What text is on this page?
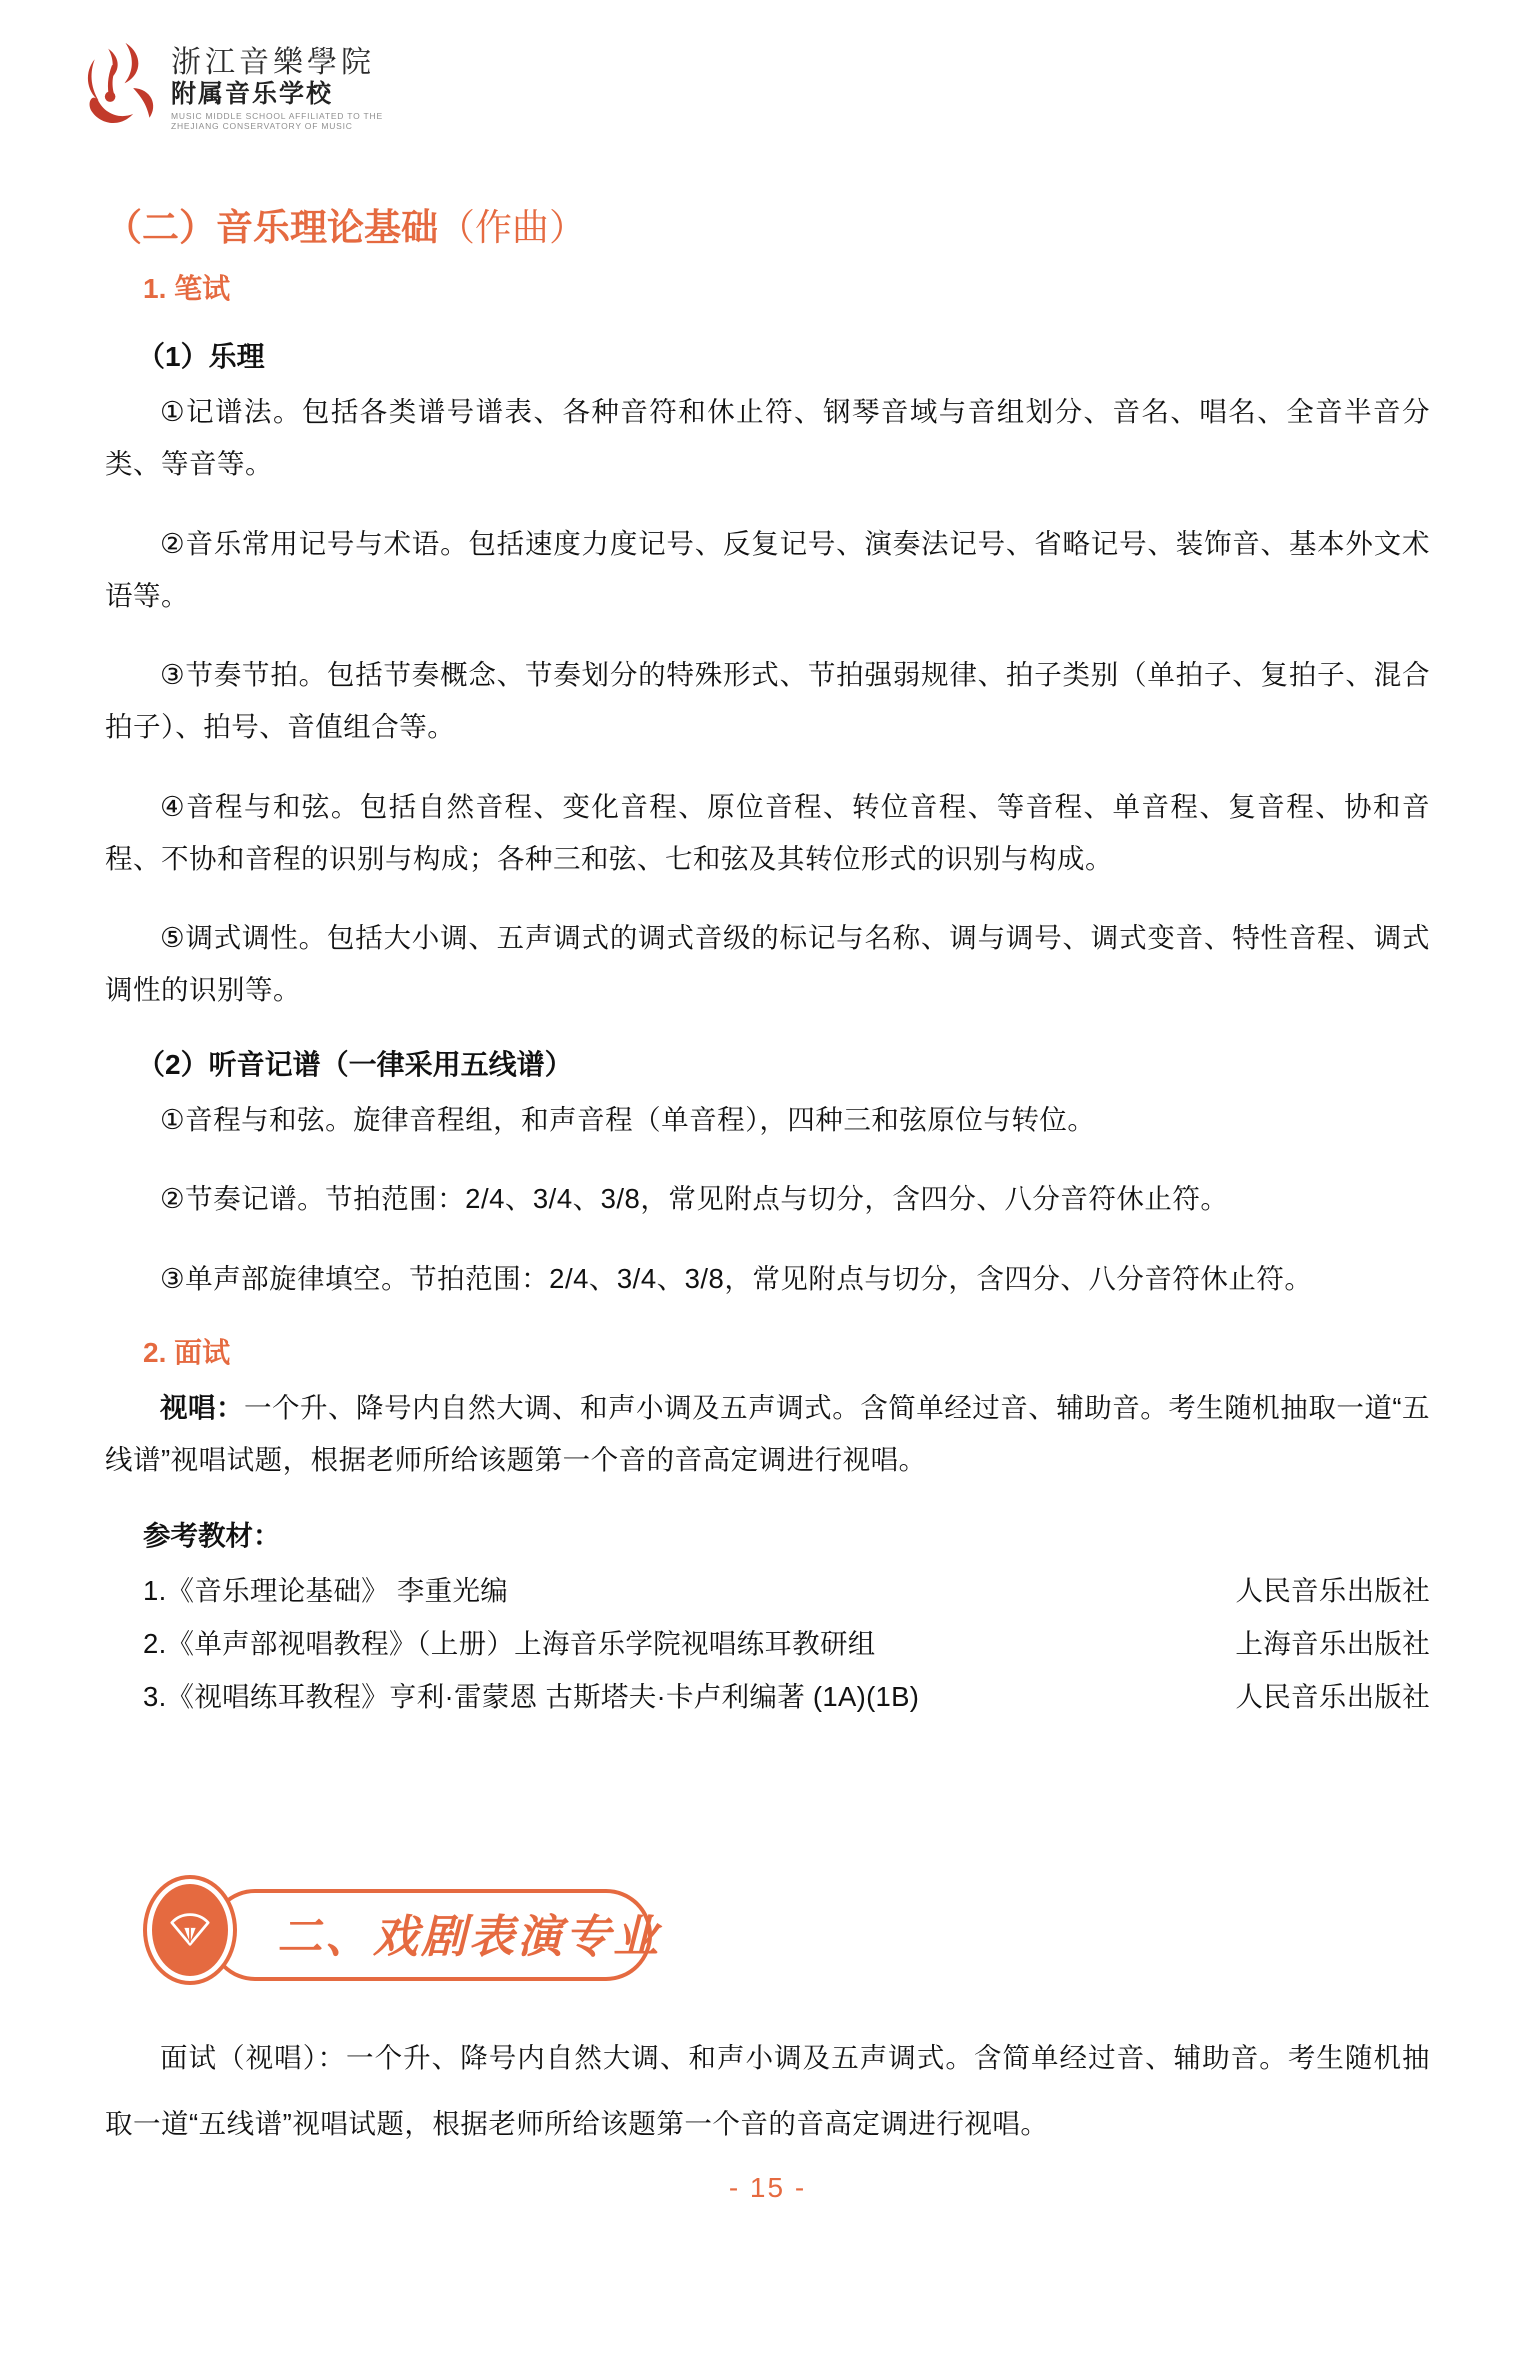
浙江音樂學院
附属音乐学校
MUSIC MIDDLE SCHOOL AFFILIATED TO THE
ZHEJIANG CONSERVATORY OF MUSIC
（二）音乐理论基础（作曲）
1. 笔试
（1）乐理

①记谱法。包括各类谱号谱表、各种音符和休止符、钢琴音域与音组划分、音名、唱名、全音半音分类、等音等。

②音乐常用记号与术语。包括速度力度记号、反复记号、演奏法记号、省略记号、装饰音、基本外文术语等。

③节奏节拍。包括节奏概念、节奏划分的特殊形式、节拍强弱规律、拍子类别（单拍子、复拍子、混合拍子）、拍号、音值组合等。

④音程与和弦。包括自然音程、变化音程、原位音程、转位音程、等音程、单音程、复音程、协和音程、不协和音程的识别与构成；各种三和弦、七和弦及其转位形式的识别与构成。

⑤调式调性。包括大小调、五声调式的调式音级的标记与名称、调与调号、调式变音、特性音程、调式调性的识别等。

（2）听音记谱（一律采用五线谱）

①音程与和弦。旋律音程组，和声音程（单音程），四种三和弦原位与转位。

②节奏记谱。节拍范围：2/4、3/4、3/8，常见附点与切分，含四分、八分音符休止符。

③单声部旋律填空。节拍范围：2/4、3/4、3/8，常见附点与切分，含四分、八分音符休止符。

2. 面试

视唱：一个升、降号内自然大调、和声小调及五声调式。含简单经过音、辅助音。考生随机抽取一道“五线谱”视唱试题，根据老师所给该题第一个音的音高定调进行视唱。

参考教材：
1.《音乐理论基础》 李重光编	人民音乐出版社
2.《单声部视唱教程》（上册）上海音乐学院视唱练耳教研组	上海音乐出版社
3.《视唱练耳教程》亨利·雷蒙恩 古斯塔夫·卡卢利编著 (1A)(1B)	人民音乐出版社
二、戏剧表演专业

面试（视唱）：一个升、降号内自然大调、和声小调及五声调式。含简单经过音、辅助音。考生随机抽取一道“五线谱”视唱试题，根据老师所给该题第一个音的音高定调进行视唱。

- 15 -
